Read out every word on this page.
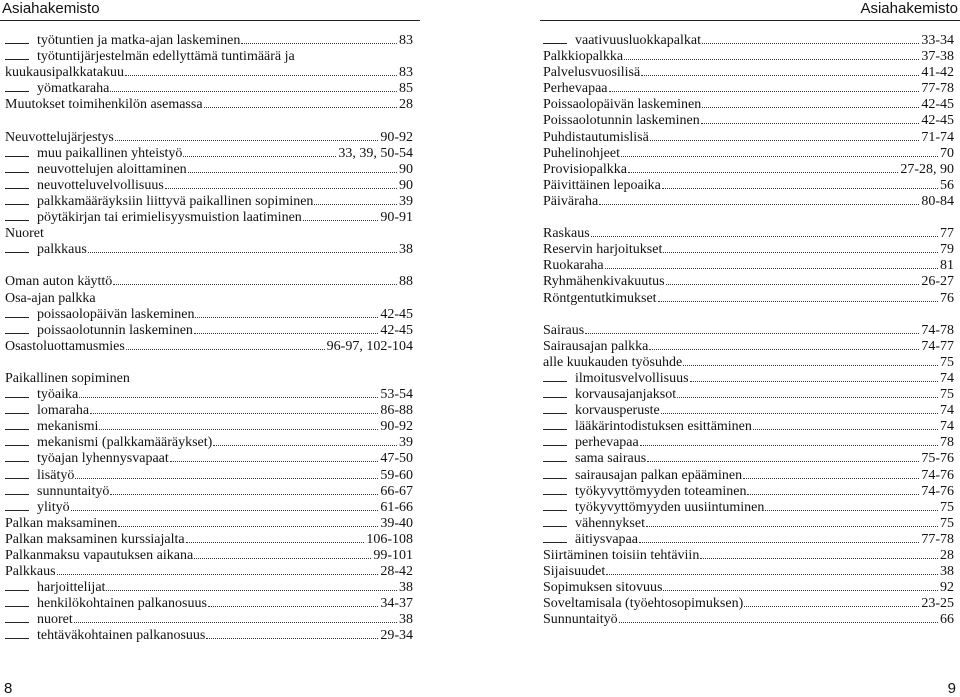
Asiahakemisto	Asiahakemisto
työtuntien ja matka-ajan laskeminen	83
työtuntijärjestelmän edellyttämä tuntimäärä ja
kuukausipalkkatakuu	83
yömatkaraha	85
Muutokset toimihenkilön asemassa	28
Neuvottelujärjestys	90-92
muu paikallinen yhteistyö	33, 39, 50-54
neuvottelujen aloittaminen	90
neuvotteluvelvollisuus	90
palkkamääräyksiin liittyvä paikallinen sopiminen	39
pöytäkirjan tai erimielisyysmuistion laatiminen	90-91
Nuoret
palkkaus	38
Oman auton käyttö	88
Osa-ajan palkka
poissaolopäivän laskeminen	42-45
poissaolotunnin laskeminen	42-45
Osastoluottamusmies	96-97, 102-104
Paikallinen sopiminen
työaika	53-54
lomaraha	86-88
mekanismi	90-92
mekanismi (palkkamääräykset)	39
työajan lyhennysvapaat	47-50
lisätyö	59-60
sunnuntaityö	66-67
ylityö	61-66
Palkan maksaminen	39-40
Palkan maksaminen kurssiajalta	106-108
Palkanmaksu vapautuksen aikana	99-101
Palkkaus	28-42
harjoittelijat	38
henkilökohtainen palkanosuus	34-37
nuoret	38
tehtäväkohtainen palkanosuus	29-34
vaativuusluokkapalkat	33-34
Palkkiopalkka	37-38
Palvelusvuosilisä	41-42
Perhevapaa	77-78
Poissaolopäivän laskeminen	42-45
Poissaolotunnin laskeminen	42-45
Puhdistautumislisä	71-74
Puhelinohjeet	70
Provisiopalkka	27-28, 90
Päivittäinen lepoaika	56
Päiväraha	80-84
Raskaus	77
Reservin harjoitukset	79
Ruokaraha	81
Ryhmähenkivakuutus	26-27
Röntgentutkimukset	76
Sairaus	74-78
Sairausajan palkka	74-77
alle kuukauden työsuhde	75
ilmoitusvelvollisuus	74
korvausajanjaksot	75
korvausperuste	74
lääkärintodistuksen esittäminen	74
perhevapaa	78
sama sairaus	75-76
sairausajan palkan epääminen	74-76
työkyvyttömyyden toteaminen	74-76
työkyvyttömyyden uusiintuminen	75
vähennykset	75
äitiysvapaa	77-78
Siirtäminen toisiin tehtäviin	28
Sijaisuudet	38
Sopimuksen sitovuus	92
Soveltamisala (työehtosopimuksen)	23-25
Sunnuntaityö	66
8	9
